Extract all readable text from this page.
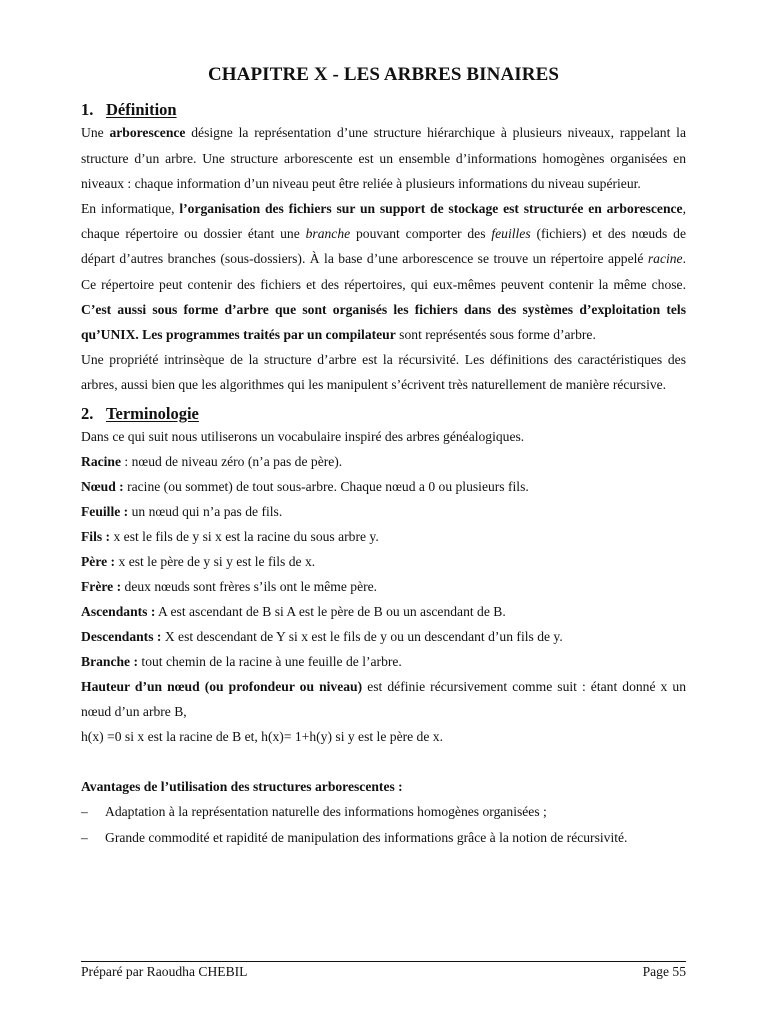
CHAPITRE X - LES ARBRES BINAIRES
1. Définition

Une arborescence désigne la représentation d’une structure hiérarchique à plusieurs niveaux, rappelant la structure d’un arbre. Une structure arborescente est un ensemble d’informations homogènes organisées en niveaux : chaque information d’un niveau peut être reliée à plusieurs informations du niveau supérieur.

En informatique, l’organisation des fichiers sur un support de stockage est structurée en arborescence, chaque répertoire ou dossier étant une branche pouvant comporter des feuilles (fichiers) et des nœuds de départ d’autres branches (sous-dossiers). À la base d’une arborescence se trouve un répertoire appelé racine. Ce répertoire peut contenir des fichiers et des répertoires, qui eux-mêmes peuvent contenir la même chose. C’est aussi sous forme d’arbre que sont organisés les fichiers dans des systèmes d’exploitation tels qu’UNIX. Les programmes traités par un compilateur sont représentés sous forme d’arbre.

Une propriété intrinsèque de la structure d’arbre est la récursivité. Les définitions des caractéristiques des arbres, aussi bien que les algorithmes qui les manipulent s’écrivent très naturellement de manière récursive.

2. Terminologie

Dans ce qui suit nous utiliserons un vocabulaire inspiré des arbres généalogiques.

Racine : nœud de niveau zéro (n’a pas de père).

Nœud : racine (ou sommet) de tout sous-arbre. Chaque nœud a 0 ou plusieurs fils.

Feuille : un nœud qui n’a pas de fils.

Fils : x est le fils de y si x est la racine du sous arbre y.

Père : x est le père de y si y est le fils de x.

Frère : deux nœuds sont frères s’ils ont le même père.

Ascendants : A est ascendant de B si A est le père de B ou un ascendant de B.

Descendants : X est descendant de Y si x est le fils de y ou un descendant d’un fils de y.

Branche : tout chemin de la racine à une feuille de l’arbre.

Hauteur d’un nœud (ou profondeur ou niveau) est définie récursivement comme suit : étant donné x un nœud d’un arbre B,

h(x) =0 si x est la racine de B et, h(x)= 1+h(y) si y est le père de x.

Avantages de l’utilisation des structures arborescentes :

– Adaptation à la représentation naturelle des informations homogènes organisées ;
– Grande commodité et rapidité de manipulation des informations grâce à la notion de récursivité.
Préparé par Raoudha CHEBIL	Page 55
